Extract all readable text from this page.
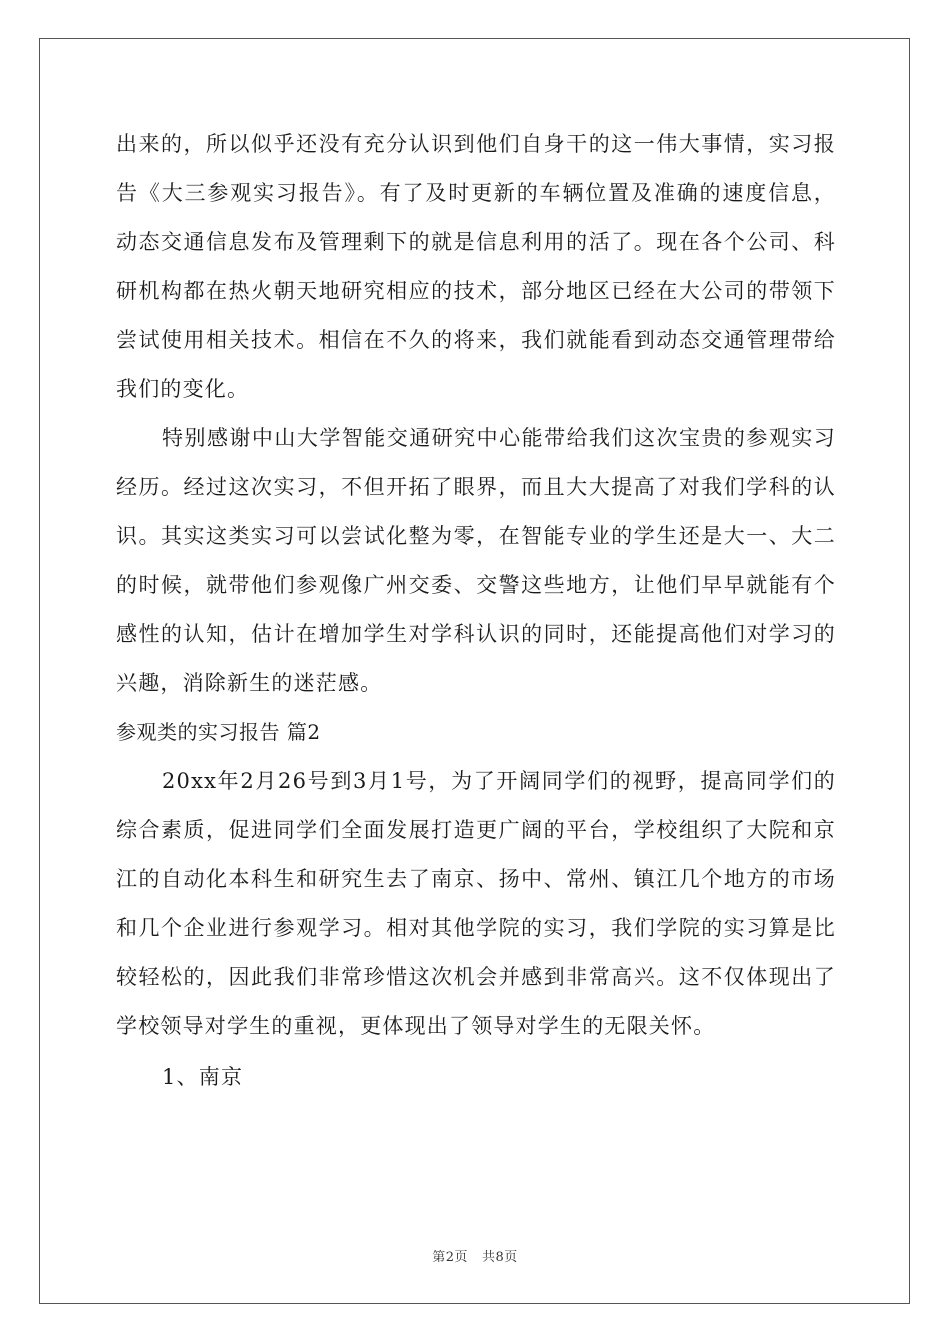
出来的，所以似乎还没有充分认识到他们自身干的这一伟大事情，实习报告《大三参观实习报告》。有了及时更新的车辆位置及准确的速度信息，动态交通信息发布及管理剩下的就是信息利用的活了。现在各个公司、科研机构都在热火朝天地研究相应的技术，部分地区已经在大公司的带领下尝试使用相关技术。相信在不久的将来，我们就能看到动态交通管理带给我们的变化。

特别感谢中山大学智能交通研究中心能带给我们这次宝贵的参观实习经历。经过这次实习，不但开拓了眼界，而且大大提高了对我们学科的认识。其实这类实习可以尝试化整为零，在智能专业的学生还是大一、大二的时候，就带他们参观像广州交委、交警这些地方，让他们早早就能有个感性的认知，估计在增加学生对学科认识的同时，还能提高他们对学习的兴趣，消除新生的迷茫感。

参观类的实习报告 篇2

20xx年2月26号到3月1号，为了开阔同学们的视野，提高同学们的综合素质，促进同学们全面发展打造更广阔的平台，学校组织了大院和京江的自动化本科生和研究生去了南京、扬中、常州、镇江几个地方的市场和几个企业进行参观学习。相对其他学院的实习，我们学院的实习算是比较轻松的，因此我们非常珍惜这次机会并感到非常高兴。这不仅体现出了学校领导对学生的重视，更体现出了领导对学生的无限关怀。

1、南京

第2页 共8页
